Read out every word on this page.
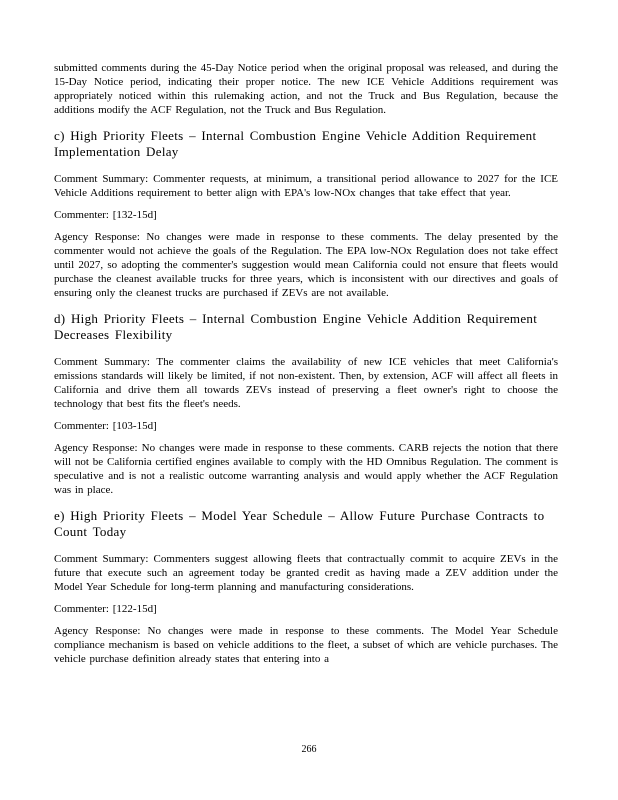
submitted comments during the 45-Day Notice period when the original proposal was released, and during the 15-Day Notice period, indicating their proper notice. The new ICE Vehicle Additions requirement was appropriately noticed within this rulemaking action, and not the Truck and Bus Regulation, because the additions modify the ACF Regulation, not the Truck and Bus Regulation.

c) High Priority Fleets – Internal Combustion Engine Vehicle Addition Requirement Implementation Delay

Comment Summary: Commenter requests, at minimum, a transitional period allowance to 2027 for the ICE Vehicle Additions requirement to better align with EPA's low-NOx changes that take effect that year.

Commenter: [132-15d]

Agency Response: No changes were made in response to these comments. The delay presented by the commenter would not achieve the goals of the Regulation. The EPA low-NOx Regulation does not take effect until 2027, so adopting the commenter's suggestion would mean California could not ensure that fleets would purchase the cleanest available trucks for three years, which is inconsistent with our directives and goals of ensuring only the cleanest trucks are purchased if ZEVs are not available.

d) High Priority Fleets – Internal Combustion Engine Vehicle Addition Requirement Decreases Flexibility

Comment Summary: The commenter claims the availability of new ICE vehicles that meet California's emissions standards will likely be limited, if not non-existent. Then, by extension, ACF will affect all fleets in California and drive them all towards ZEVs instead of preserving a fleet owner's right to choose the technology that best fits the fleet's needs.

Commenter: [103-15d]

Agency Response: No changes were made in response to these comments. CARB rejects the notion that there will not be California certified engines available to comply with the HD Omnibus Regulation. The comment is speculative and is not a realistic outcome warranting analysis and would apply whether the ACF Regulation was in place.

e) High Priority Fleets – Model Year Schedule – Allow Future Purchase Contracts to Count Today

Comment Summary: Commenters suggest allowing fleets that contractually commit to acquire ZEVs in the future that execute such an agreement today be granted credit as having made a ZEV addition under the Model Year Schedule for long-term planning and manufacturing considerations.

Commenter: [122-15d]

Agency Response: No changes were made in response to these comments. The Model Year Schedule compliance mechanism is based on vehicle additions to the fleet, a subset of which are vehicle purchases. The vehicle purchase definition already states that entering into a

266
